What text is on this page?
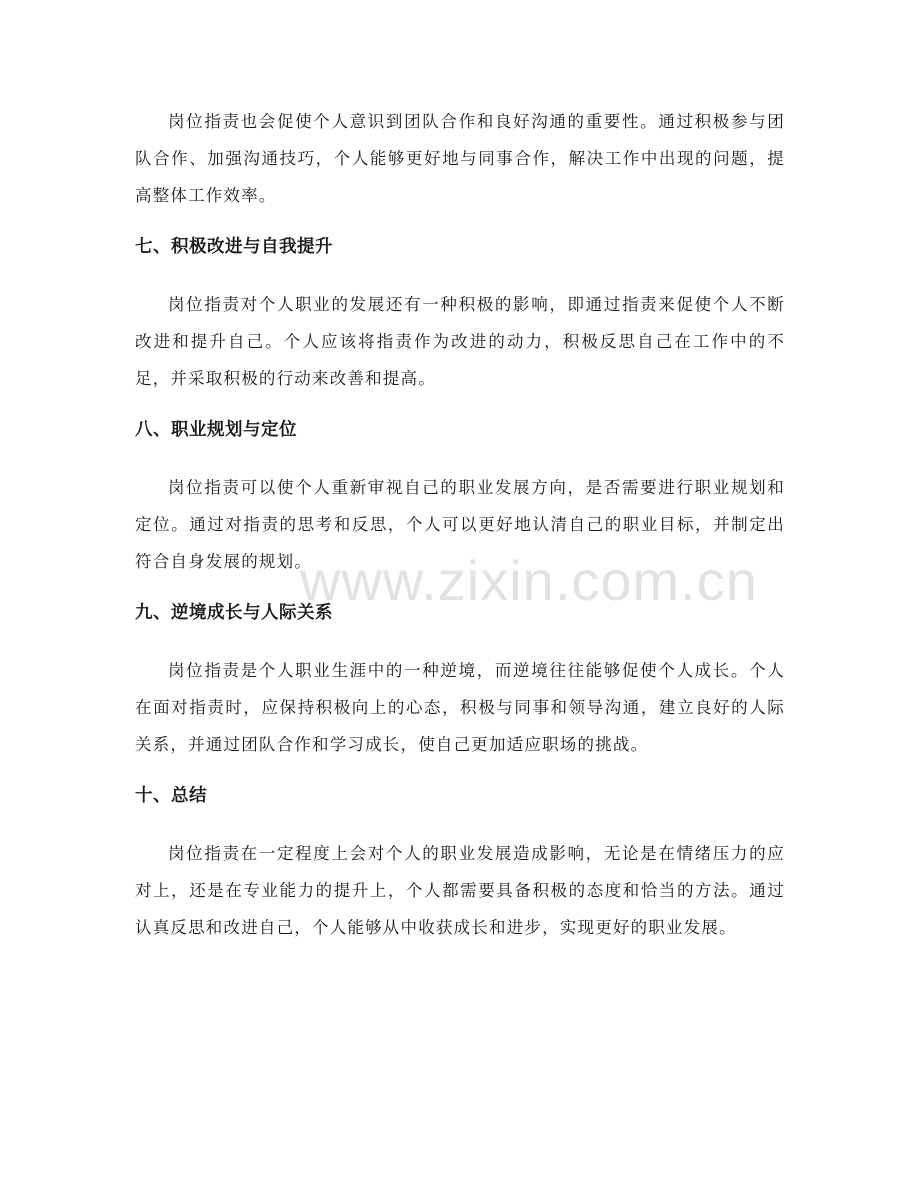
www.zixin.com.cn

岗位指责也会促使个人意识到团队合作和良好沟通的重要性。通过积极参与团队合作、加强沟通技巧，个人能够更好地与同事合作，解决工作中出现的问题，提高整体工作效率。

七、积极改进与自我提升

岗位指责对个人职业的发展还有一种积极的影响，即通过指责来促使个人不断改进和提升自己。个人应该将指责作为改进的动力，积极反思自己在工作中的不足，并采取积极的行动来改善和提高。

八、职业规划与定位

岗位指责可以使个人重新审视自己的职业发展方向，是否需要进行职业规划和定位。通过对指责的思考和反思，个人可以更好地认清自己的职业目标，并制定出符合自身发展的规划。

九、逆境成长与人际关系

岗位指责是个人职业生涯中的一种逆境，而逆境往往能够促使个人成长。个人在面对指责时，应保持积极向上的心态，积极与同事和领导沟通，建立良好的人际关系，并通过团队合作和学习成长，使自己更加适应职场的挑战。

十、总结

岗位指责在一定程度上会对个人的职业发展造成影响，无论是在情绪压力的应对上，还是在专业能力的提升上，个人都需要具备积极的态度和恰当的方法。通过认真反思和改进自己，个人能够从中收获成长和进步，实现更好的职业发展。
